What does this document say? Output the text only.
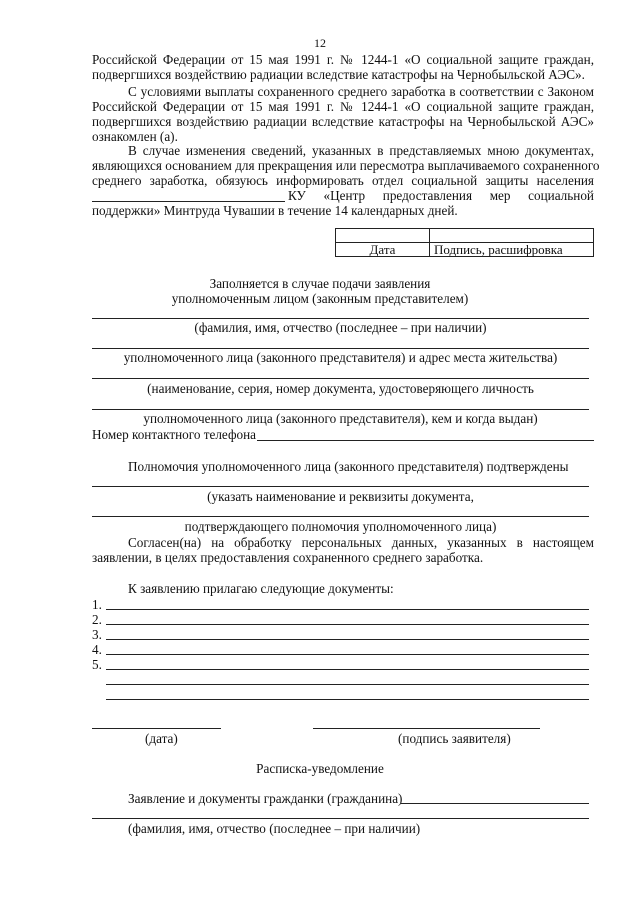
12
Российской Федерации от 15 мая 1991 г. № 1244-1 «О социальной защите граждан,
подвергшихся воздействию радиации вследствие катастрофы на Чернобыльской АЭС».
С условиями выплаты сохраненного среднего заработка в соответствии с Законом
Российской Федерации от 15 мая 1991 г. № 1244-1 «О социальной защите граждан,
подвергшихся воздействию радиации вследствие катастрофы на Чернобыльской АЭС»
ознакомлен (а).
В случае изменения сведений, указанных в представляемых мною документах,
являющихся основанием для прекращения или пересмотра выплачиваемого сохраненного
среднего заработка, обязуюсь информировать отдел социальной защиты населения
КУ «Центр предоставления мер социальной
поддержки» Минтруда Чувашии в течение 14 календарных дней.

Дата	Подпись, расшифровка
Заполняется в случае подачи заявления
уполномоченным лицом (законным представителем)
(фамилия, имя, отчество (последнее – при наличии)
уполномоченного лица (законного представителя) и адрес места жительства)
(наименование, серия, номер документа, удостоверяющего личность
уполномоченного лица (законного представителя), кем и когда выдан)
Номер контактного телефона
Полномочия уполномоченного лица (законного представителя) подтверждены
(указать наименование и реквизиты документа,
подтверждающего полномочия уполномоченного лица)
Согласен(на) на обработку персональных данных, указанных в настоящем
заявлении, в целях предоставления сохраненного среднего заработка.
К заявлению прилагаю следующие документы:
1.
2.
3.
4.
5.
(дата)	(подпись заявителя)
Расписка-уведомление
Заявление и документы гражданки (гражданина)
(фамилия, имя, отчество (последнее – при наличии)
